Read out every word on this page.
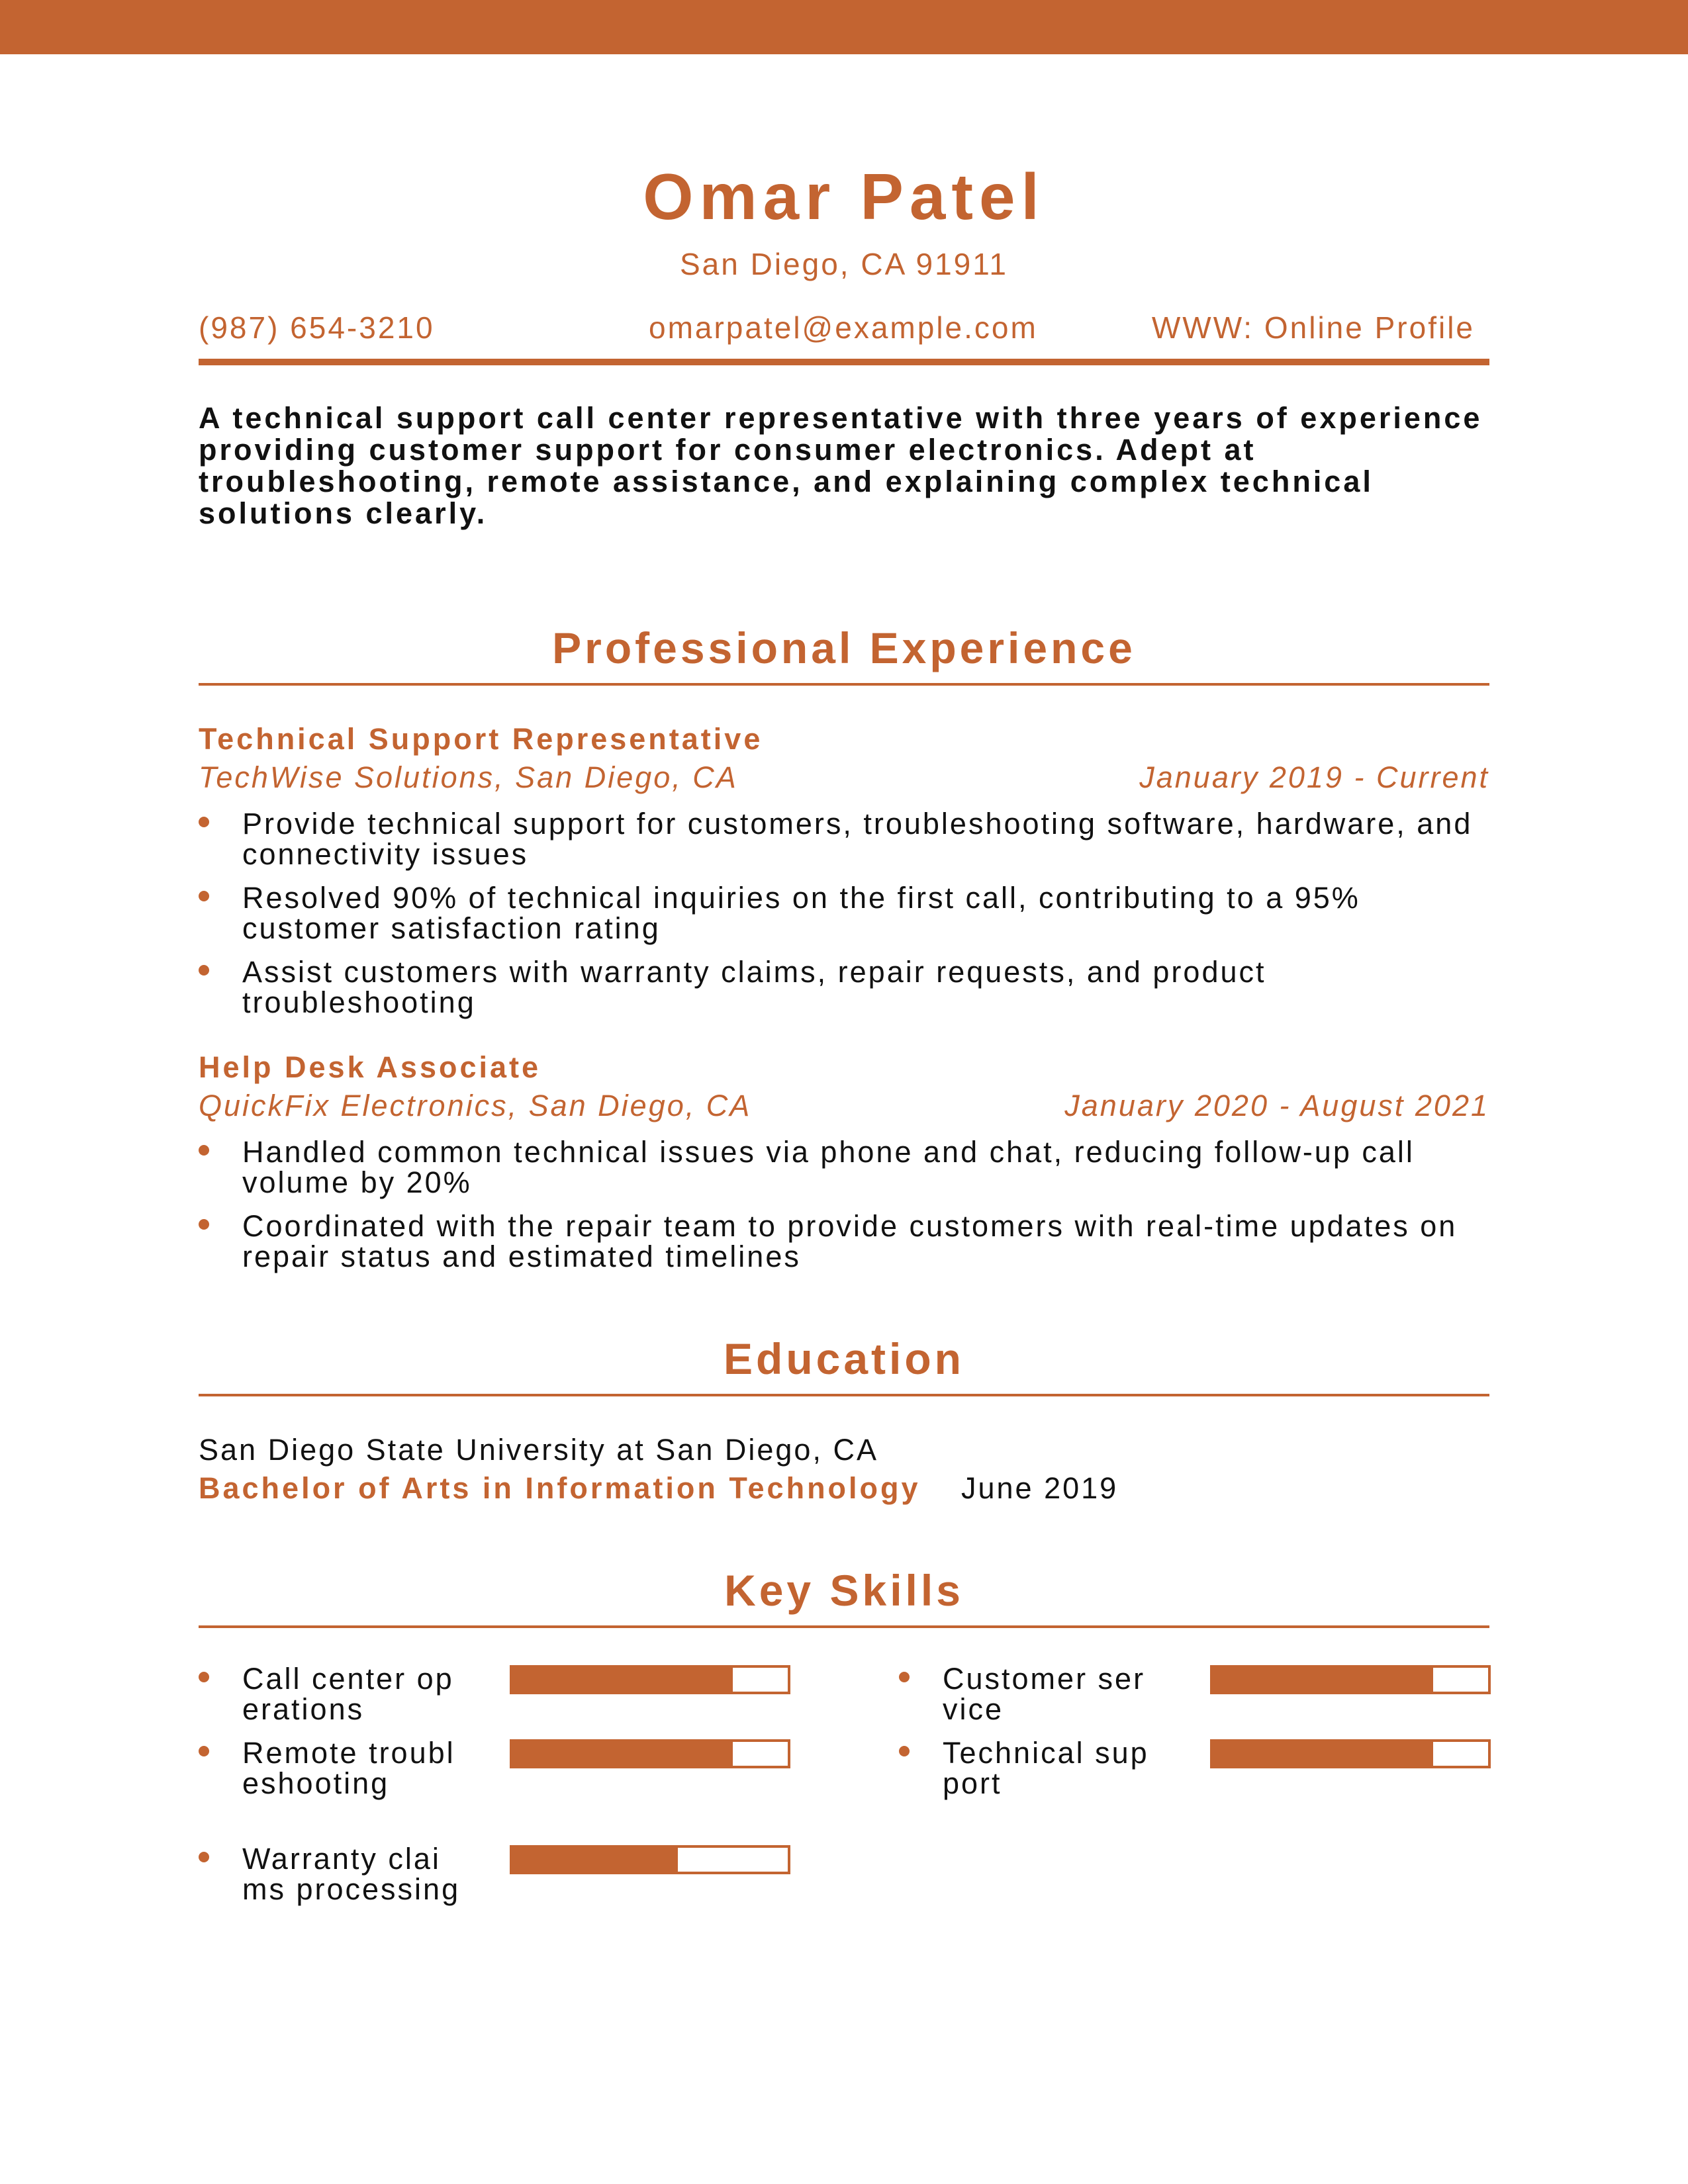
Omar Patel
San Diego, CA 91911
(987) 654-3210	omarpatel@example.com	WWW: Online Profile
A technical support call center representative with three years of experience providing customer support for consumer electronics. Adept at troubleshooting, remote assistance, and explaining complex technical solutions clearly.
Professional Experience
Technical Support Representative
TechWise Solutions, San Diego, CA	January 2019 - Current
Provide technical support for customers, troubleshooting software, hardware, and connectivity issues
Resolved 90% of technical inquiries on the first call, contributing to a 95% customer satisfaction rating
Assist customers with warranty claims, repair requests, and product troubleshooting
Help Desk Associate
QuickFix Electronics, San Diego, CA	January 2020 - August 2021
Handled common technical issues via phone and chat, reducing follow-up call volume by 20%
Coordinated with the repair team to provide customers with real-time updates on repair status and estimated timelines
Education
San Diego State University at San Diego, CA
Bachelor of Arts in Information Technology June 2019
Key Skills
Call center operations
Customer service
Remote troubleshooting
Technical support
Warranty claims processing
